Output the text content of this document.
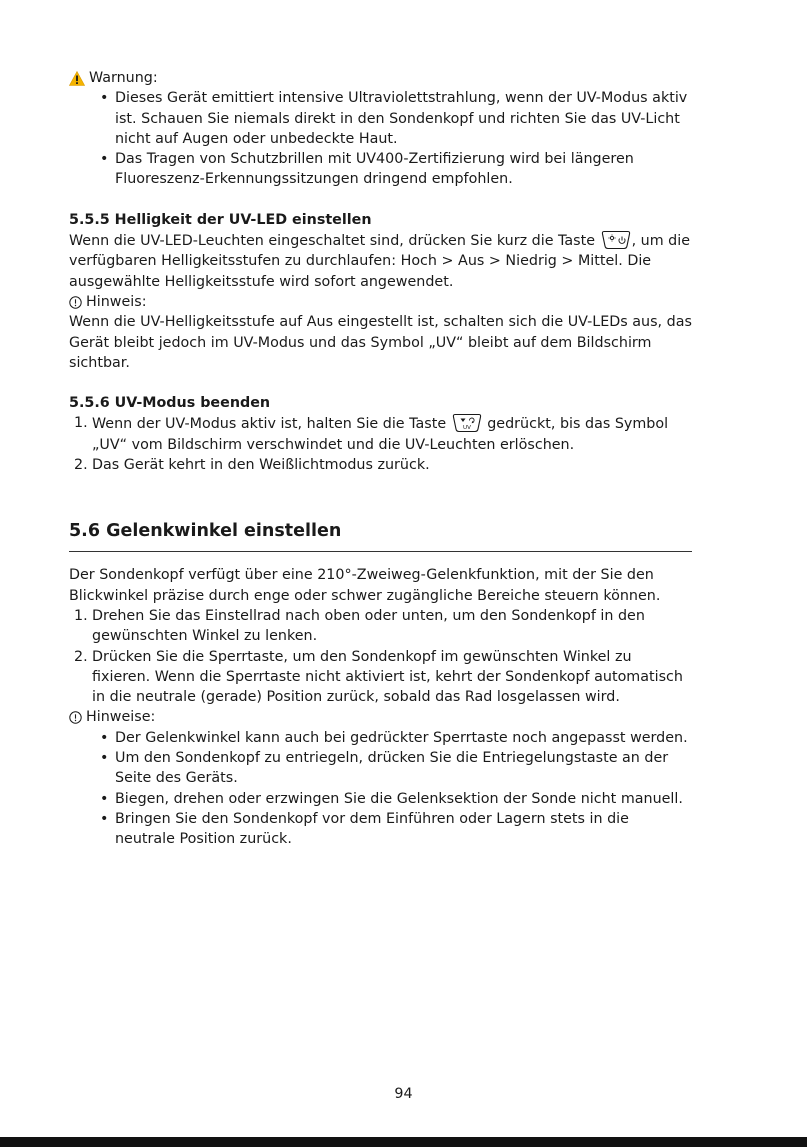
Warnung:
• Dieses Gerät emittiert intensive Ultraviolettstrahlung, wenn der UV-Modus aktiv ist. Schauen Sie niemals direkt in den Sondenkopf und richten Sie das UV-Licht nicht auf Augen oder unbedeckte Haut.
• Das Tragen von Schutzbrillen mit UV400-Zertifizierung wird bei längeren Fluoreszenz-Erkennungssitzungen dringend empfohlen.
5.5.5 Helligkeit der UV-LED einstellen

Wenn die UV-LED-Leuchten eingeschaltet sind, drücken Sie kurz die Taste	, um die verfügbaren Helligkeitsstufen zu durchlaufen: Hoch > Aus > Niedrig > Mittel. Die ausgewählte Helligkeitsstufe wird sofort angewendet.

Hinweis:

Wenn die UV-Helligkeitsstufe auf Aus eingestellt ist, schalten sich die UV-LEDs aus, das Gerät bleibt jedoch im UV-Modus und das Symbol „UV“ bleibt auf dem Bildschirm sichtbar.

5.5.6 UV-Modus beenden
1. Wenn der UV-Modus aktiv ist, halten Sie die Taste	UV gedrückt, bis das Symbol „UV“ vom Bildschirm verschwindet und die UV-Leuchten erlöschen.
2. Das Gerät kehrt in den Weißlichtmodus zurück.
5.6 Gelenkwinkel einstellen

Der Sondenkopf verfügt über eine 210°-Zweiweg-Gelenkfunktion, mit der Sie den Blickwinkel präzise durch enge oder schwer zugängliche Bereiche steuern können.

1. Drehen Sie das Einstellrad nach oben oder unten, um den Sondenkopf in den gewünschten Winkel zu lenken.
2. Drücken Sie die Sperrtaste, um den Sondenkopf im gewünschten Winkel zu fixieren. Wenn die Sperrtaste nicht aktiviert ist, kehrt der Sondenkopf automatisch in die neutrale (gerade) Position zurück, sobald das Rad losgelassen wird.
Hinweise:
• Der Gelenkwinkel kann auch bei gedrückter Sperrtaste noch angepasst werden.
• Um den Sondenkopf zu entriegeln, drücken Sie die Entriegelungstaste an der Seite des Geräts.
• Biegen, drehen oder erzwingen Sie die Gelenksektion der Sonde nicht manuell.
• Bringen Sie den Sondenkopf vor dem Einführen oder Lagern stets in die neutrale Position zurück.
94
